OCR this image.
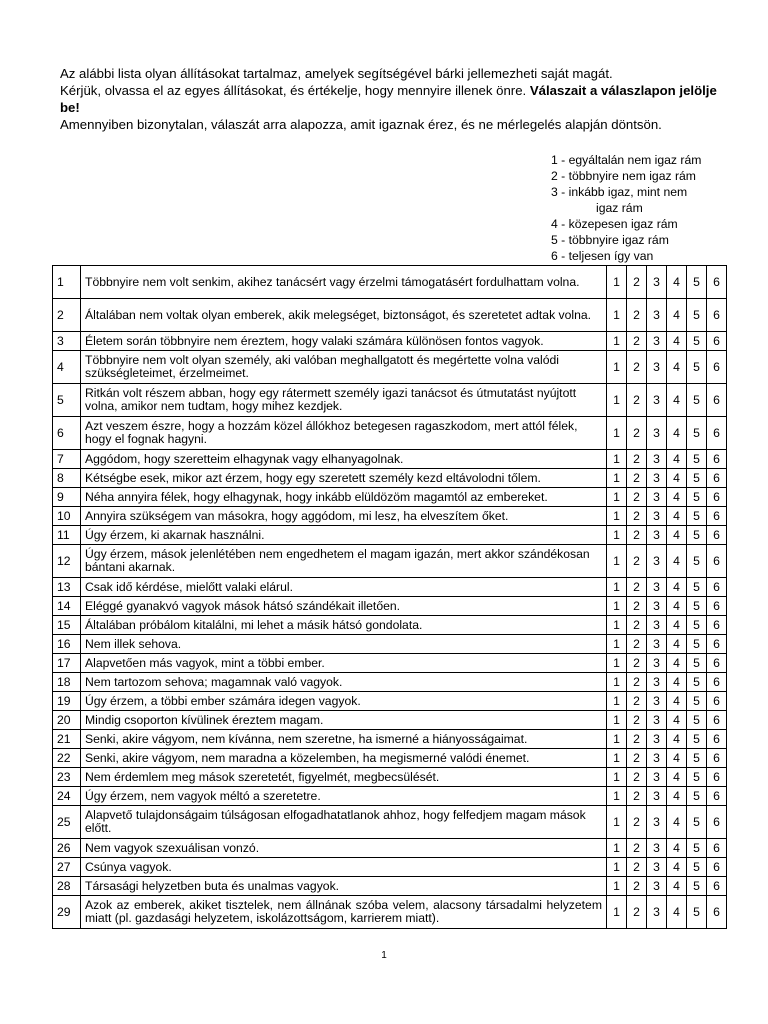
Az alábbi lista olyan állításokat tartalmaz, amelyek segítségével bárki jellemezheti saját magát.

Kérjük, olvassa el az egyes állításokat, és értékelje, hogy mennyire illenek önre. Válaszait a válaszlapon jelölje be!

Amennyiben bizonytalan, válaszát arra alapozza, amit igaznak érez, és ne mérlegelés alapján döntsön.

1 - egyáltalán nem igaz rám
2 - többnyire nem igaz rám
3 - inkább igaz, mint nem
igaz rám
4 - közepesen igaz rám
5 - többnyire igaz rám
6 - teljesen így van
1	Többnyire nem volt senkim, akihez tanácsért vagy érzelmi támogatásért fordulhattam volna.	1	2	3	4	5	6
2	Általában nem voltak olyan emberek, akik melegséget, biztonságot, és szeretetet adtak volna.	1	2	3	4	5	6
3	Életem során többnyire nem éreztem, hogy valaki számára különösen fontos vagyok.	1	2	3	4	5	6
4	Többnyire nem volt olyan személy, aki valóban meghallgatott és megértette volna valódi szükségleteimet, érzelmeimet.	1	2	3	4	5	6
5	Ritkán volt részem abban, hogy egy rátermett személy igazi tanácsot és útmutatást nyújtott volna, amikor nem tudtam, hogy mihez kezdjek.	1	2	3	4	5	6
6	Azt veszem észre, hogy a hozzám közel állókhoz betegesen ragaszkodom, mert attól félek, hogy el fognak hagyni.	1	2	3	4	5	6
7	Aggódom, hogy szeretteim elhagynak vagy elhanyagolnak.	1	2	3	4	5	6
8	Kétségbe esek, mikor azt érzem, hogy egy szeretett személy kezd eltávolodni tőlem.	1	2	3	4	5	6
9	Néha annyira félek, hogy elhagynak, hogy inkább elüldözöm magamtól az embereket.	1	2	3	4	5	6
10	Annyira szükségem van másokra, hogy aggódom, mi lesz, ha elveszítem őket.	1	2	3	4	5	6
11	Úgy érzem, ki akarnak használni.	1	2	3	4	5	6
12	Úgy érzem, mások jelenlétében nem engedhetem el magam igazán, mert akkor szándékosan bántani akarnak.	1	2	3	4	5	6
13	Csak idő kérdése, mielőtt valaki elárul.	1	2	3	4	5	6
14	Eléggé gyanakvó vagyok mások hátsó szándékait illetően.	1	2	3	4	5	6
15	Általában próbálom kitalálni, mi lehet a másik hátsó gondolata.	1	2	3	4	5	6
16	Nem illek sehova.	1	2	3	4	5	6
17	Alapvetően más vagyok, mint a többi ember.	1	2	3	4	5	6
18	Nem tartozom sehova; magamnak való vagyok.	1	2	3	4	5	6
19	Úgy érzem, a többi ember számára idegen vagyok.	1	2	3	4	5	6
20	Mindig csoporton kívülinek éreztem magam.	1	2	3	4	5	6
21	Senki, akire vágyom, nem kívánna, nem szeretne, ha ismerné a hiányosságaimat.	1	2	3	4	5	6
22	Senki, akire vágyom, nem maradna a közelemben, ha megismerné valódi énemet.	1	2	3	4	5	6
23	Nem érdemlem meg mások szeretetét, figyelmét, megbecsülését.	1	2	3	4	5	6
24	Úgy érzem, nem vagyok méltó a szeretetre.	1	2	3	4	5	6
25	Alapvető tulajdonságaim túlságosan elfogadhatatlanok ahhoz, hogy felfedjem magam mások előtt.	1	2	3	4	5	6
26	Nem vagyok szexuálisan vonzó.	1	2	3	4	5	6
27	Csúnya vagyok.	1	2	3	4	5	6
28	Társasági helyzetben buta és unalmas vagyok.	1	2	3	4	5	6
29	Azok az emberek, akiket tisztelek, nem állnának szóba velem, alacsony társadalmi helyzetem miatt (pl. gazdasági helyzetem, iskolázottságom, karrierem miatt).	1	2	3	4	5	6
1
